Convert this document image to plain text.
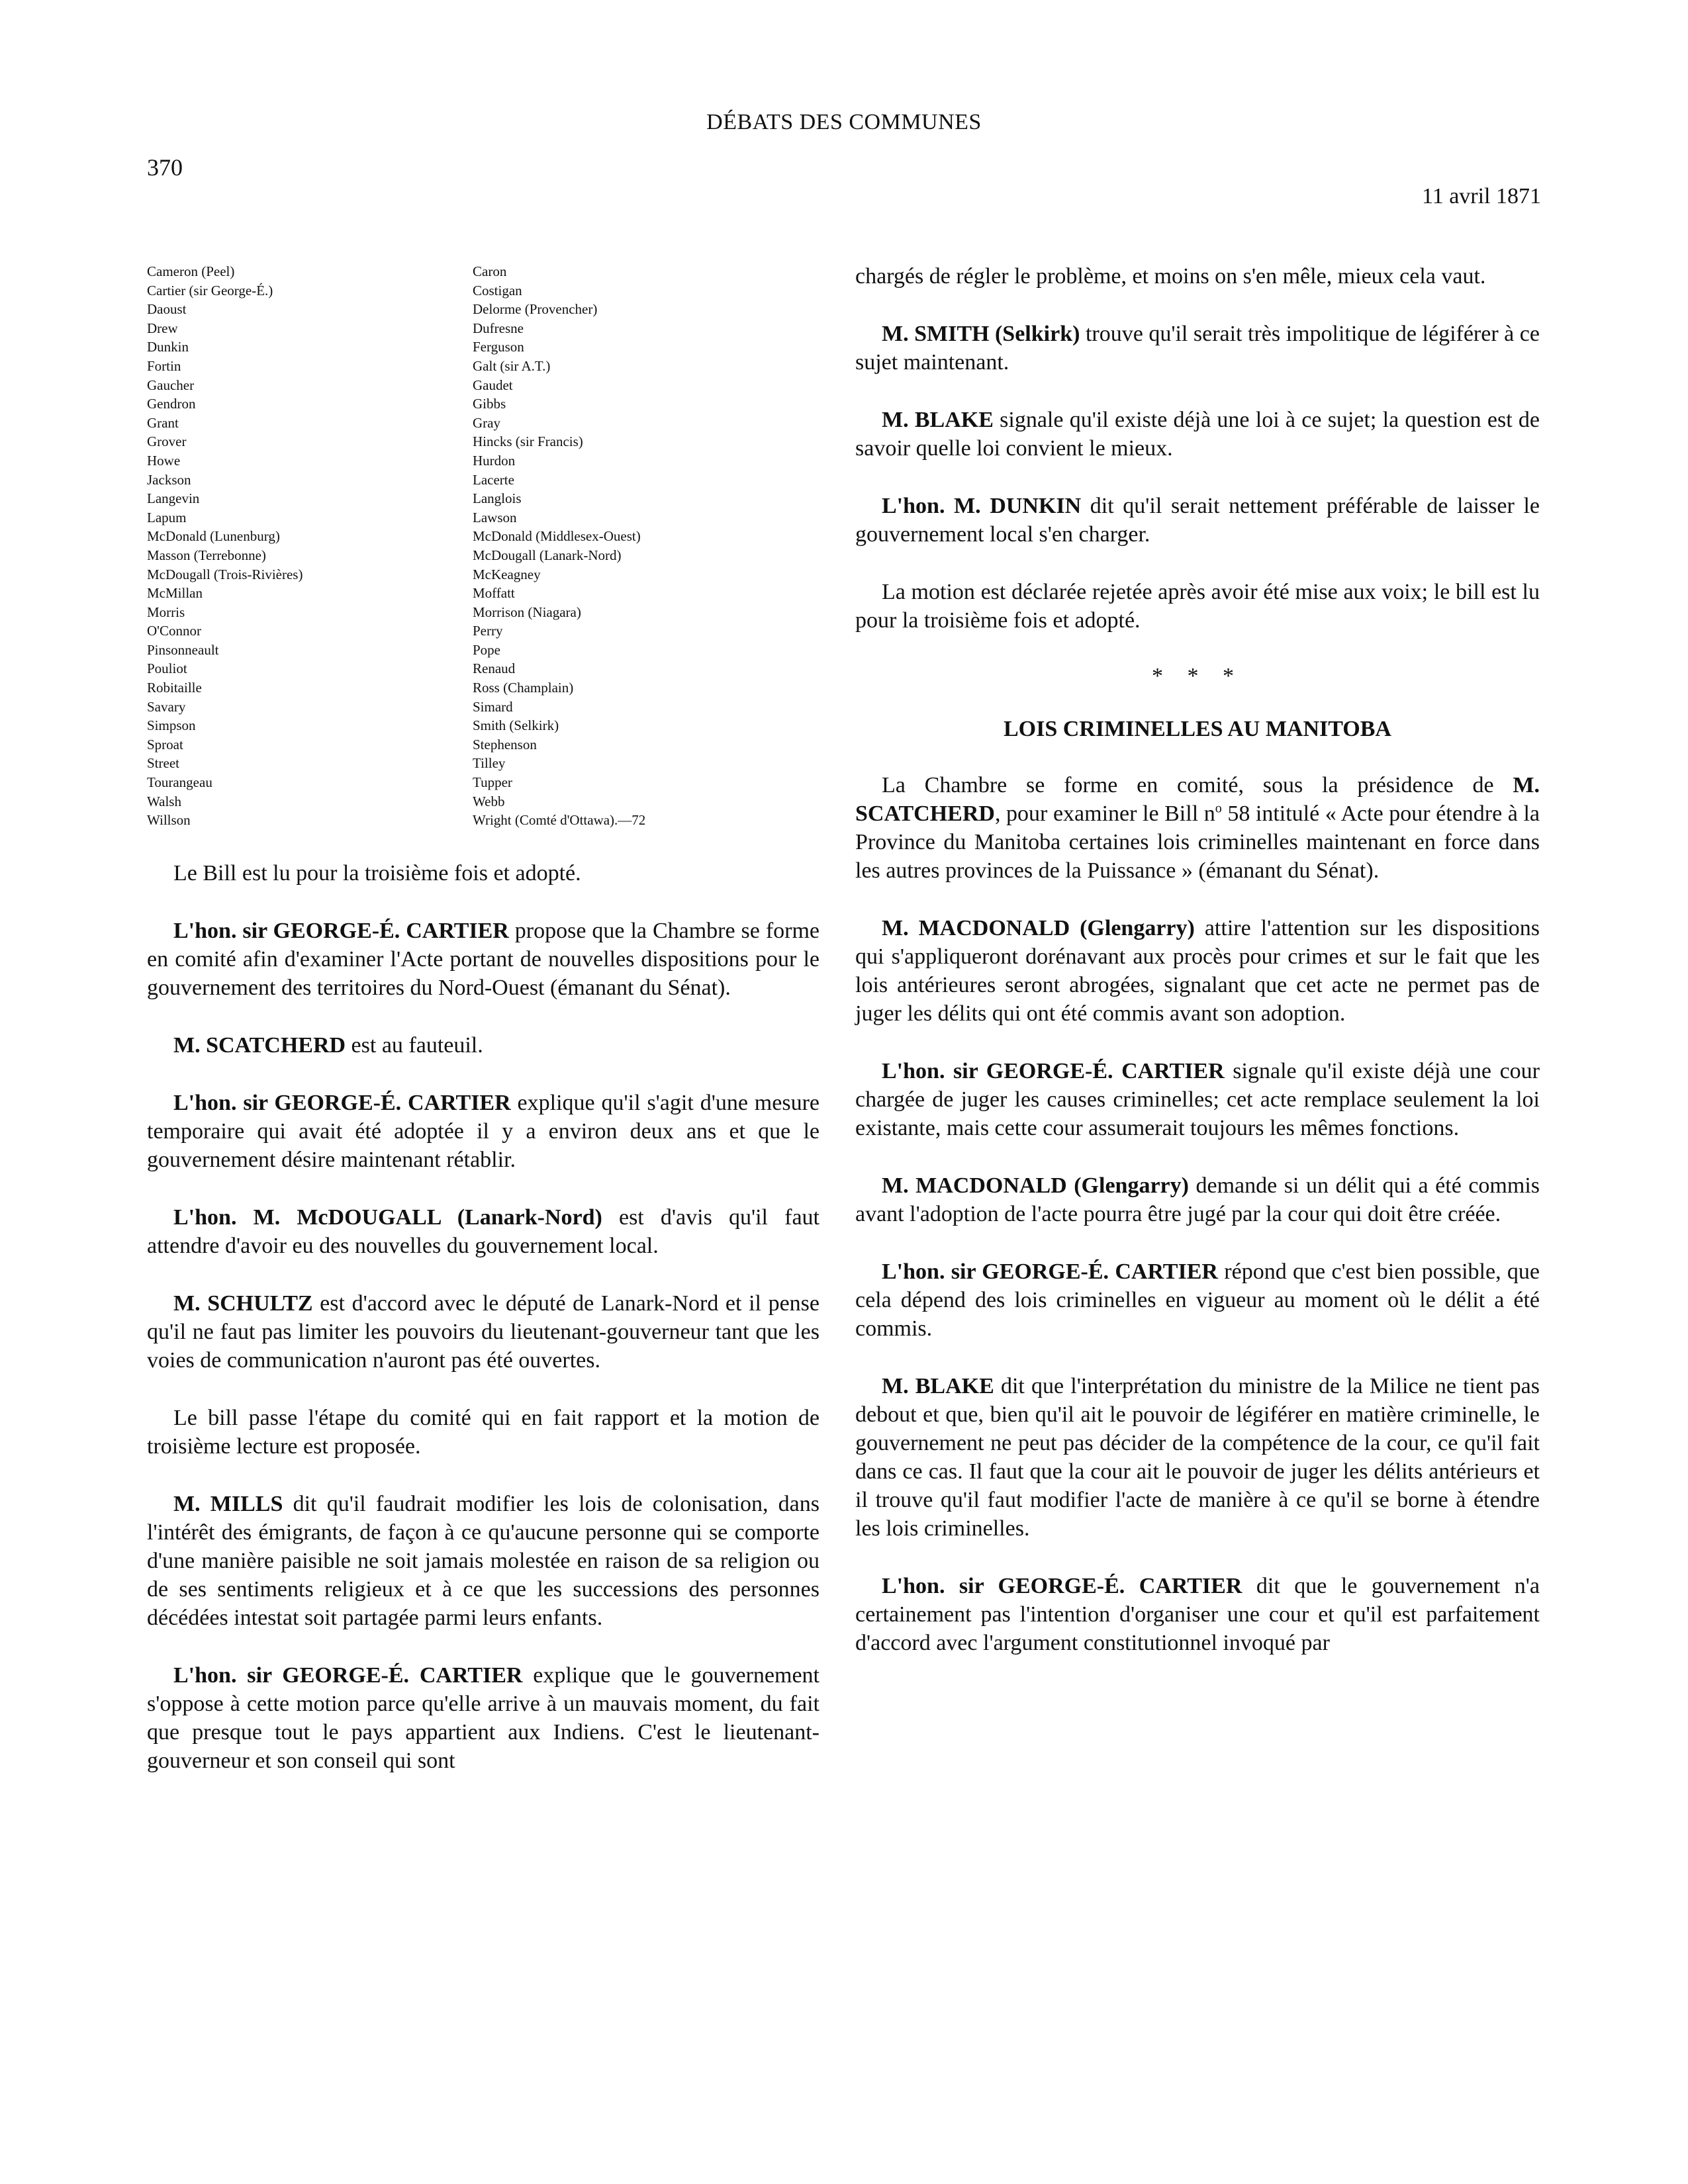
DÉBATS DES COMMUNES
370
11 avril 1871
Cameron (Peel)
Cartier (sir George-É.)
Daoust
Drew
Dunkin
Fortin
Gaucher
Gendron
Grant
Grover
Howe
Jackson
Langevin
Lapum
McDonald (Lunenburg)
Masson (Terrebonne)
McDougall (Trois-Rivières)
McMillan
Morris
O'Connor
Pinsonneault
Pouliot
Robitaille
Savary
Simpson
Sproat
Street
Tourangeau
Walsh
Willson
Caron
Costigan
Delorme (Provencher)
Dufresne
Ferguson
Galt (sir A.T.)
Gaudet
Gibbs
Gray
Hincks (sir Francis)
Hurdon
Lacerte
Langlois
Lawson
McDonald (Middlesex-Ouest)
McDougall (Lanark-Nord)
McKeagney
Moffatt
Morrison (Niagara)
Perry
Pope
Renaud
Ross (Champlain)
Simard
Smith (Selkirk)
Stephenson
Tilley
Tupper
Webb
Wright (Comté d'Ottawa).—72

Le Bill est lu pour la troisième fois et adopté.

L'hon. sir GEORGE-É. CARTIER propose que la Chambre se forme en comité afin d'examiner l'Acte portant de nouvelles dispositions pour le gouvernement des territoires du Nord-Ouest (émanant du Sénat).

M. SCATCHERD est au fauteuil.

L'hon. sir GEORGE-É. CARTIER explique qu'il s'agit d'une mesure temporaire qui avait été adoptée il y a environ deux ans et que le gouvernement désire maintenant rétablir.

L'hon. M. McDOUGALL (Lanark-Nord) est d'avis qu'il faut attendre d'avoir eu des nouvelles du gouvernement local.

M. SCHULTZ est d'accord avec le député de Lanark-Nord et il pense qu'il ne faut pas limiter les pouvoirs du lieutenant-gouverneur tant que les voies de communication n'auront pas été ouvertes.

Le bill passe l'étape du comité qui en fait rapport et la motion de troisième lecture est proposée.

M. MILLS dit qu'il faudrait modifier les lois de colonisation, dans l'intérêt des émigrants, de façon à ce qu'aucune personne qui se comporte d'une manière paisible ne soit jamais molestée en raison de sa religion ou de ses sentiments religieux et à ce que les successions des personnes décédées intestat soit partagée parmi leurs enfants.

L'hon. sir GEORGE-É. CARTIER explique que le gouvernement s'oppose à cette motion parce qu'elle arrive à un mauvais moment, du fait que presque tout le pays appartient aux Indiens. C'est le lieutenant-gouverneur et son conseil qui sont

chargés de régler le problème, et moins on s'en mêle, mieux cela vaut.

M. SMITH (Selkirk) trouve qu'il serait très impolitique de légiférer à ce sujet maintenant.

M. BLAKE signale qu'il existe déjà une loi à ce sujet; la question est de savoir quelle loi convient le mieux.

L'hon. M. DUNKIN dit qu'il serait nettement préférable de laisser le gouvernement local s'en charger.

La motion est déclarée rejetée après avoir été mise aux voix; le bill est lu pour la troisième fois et adopté.

* * *
LOIS CRIMINELLES AU MANITOBA

La Chambre se forme en comité, sous la présidence de M. SCATCHERD, pour examiner le Bill $n^o$ 58 intitulé « Acte pour étendre à la Province du Manitoba certaines lois criminelles maintenant en force dans les autres provinces de la Puissance » (émanant du Sénat).

M. MACDONALD (Glengarry) attire l'attention sur les dispositions qui s'appliqueront dorénavant aux procès pour crimes et sur le fait que les lois antérieures seront abrogées, signalant que cet acte ne permet pas de juger les délits qui ont été commis avant son adoption.

L'hon. sir GEORGE-É. CARTIER signale qu'il existe déjà une cour chargée de juger les causes criminelles; cet acte remplace seulement la loi existante, mais cette cour assumerait toujours les mêmes fonctions.

M. MACDONALD (Glengarry) demande si un délit qui a été commis avant l'adoption de l'acte pourra être jugé par la cour qui doit être créée.

L'hon. sir GEORGE-É. CARTIER répond que c'est bien possible, que cela dépend des lois criminelles en vigueur au moment où le délit a été commis.

M. BLAKE dit que l'interprétation du ministre de la Milice ne tient pas debout et que, bien qu'il ait le pouvoir de légiférer en matière criminelle, le gouvernement ne peut pas décider de la compétence de la cour, ce qu'il fait dans ce cas. Il faut que la cour ait le pouvoir de juger les délits antérieurs et il trouve qu'il faut modifier l'acte de manière à ce qu'il se borne à étendre les lois criminelles.

L'hon. sir GEORGE-É. CARTIER dit que le gouvernement n'a certainement pas l'intention d'organiser une cour et qu'il est parfaitement d'accord avec l'argument constitutionnel invoqué par
